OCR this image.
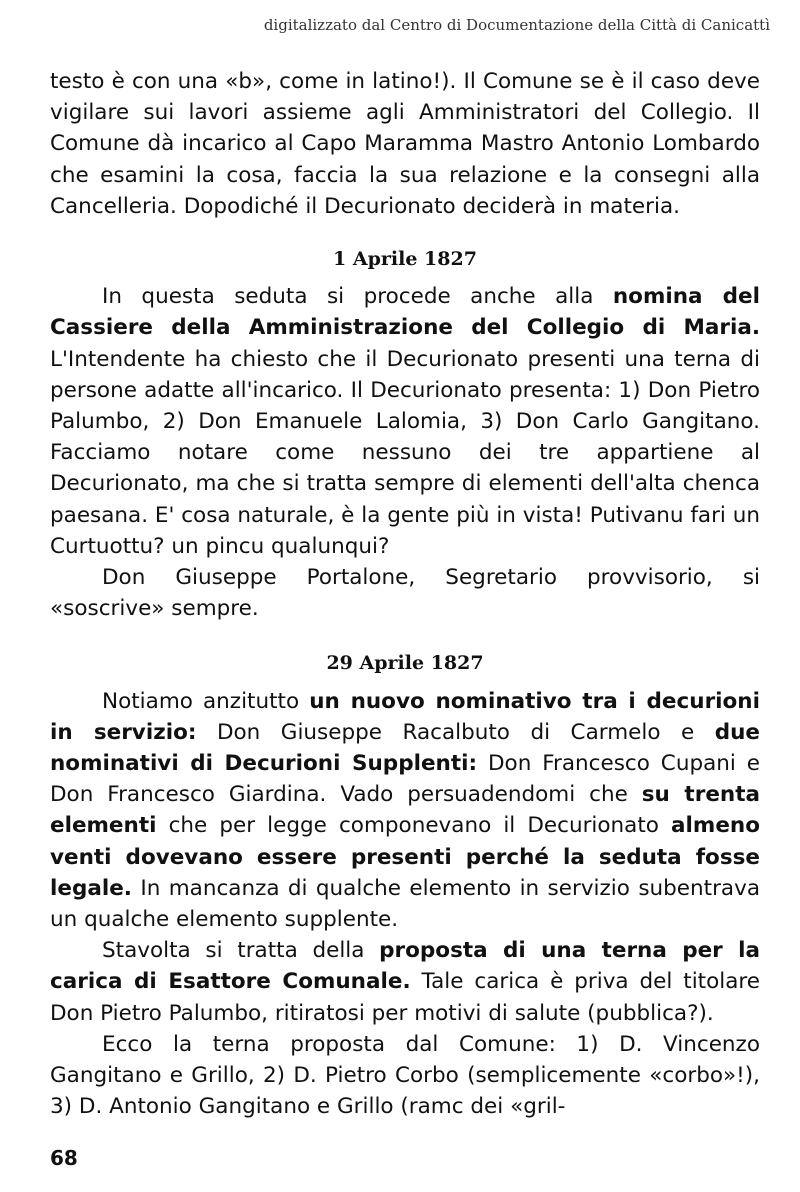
digitalizzato dal Centro di Documentazione della Città di Canicattì

testo è con una «b», come in latino!). Il Comune se è il caso deve vigilare sui lavori assieme agli Amministratori del Collegio. Il Comune dà incarico al Capo Maramma Mastro Antonio Lombardo che esamini la cosa, faccia la sua relazione e la consegni alla Cancelleria. Dopodiché il Decurionato deciderà in materia.

1 Aprile 1827

In questa seduta si procede anche alla nomina del Cassiere della Amministrazione del Collegio di Maria. L'Intendente ha chiesto che il Decurionato presenti una terna di persone adatte all'incarico. Il Decurionato presenta: 1) Don Pietro Palumbo, 2) Don Emanuele Lalomia, 3) Don Carlo Gangitano. Facciamo notare come nessuno dei tre appartiene al Decurionato, ma che si tratta sempre di elementi dell'alta chenca paesana. E' cosa naturale, è la gente più in vista! Putivanu fari un Curtuottu? un pincu qualunqui?

Don Giuseppe Portalone, Segretario provvisorio, si «soscrive» sempre.

29 Aprile 1827

Notiamo anzitutto un nuovo nominativo tra i decurioni in servizio: Don Giuseppe Racalbuto di Carmelo e due nominativi di Decurioni Supplenti: Don Francesco Cupani e Don Francesco Giardina. Vado persuadendomi che su trenta elementi che per legge componevano il Decurionato almeno venti dovevano essere presenti perché la seduta fosse legale. In mancanza di qualche elemento in servizio subentrava un qualche elemento supplente.

Stavolta si tratta della proposta di una terna per la carica di Esattore Comunale. Tale carica è priva del titolare Don Pietro Palumbo, ritiratosi per motivi di salute (pubblica?).

Ecco la terna proposta dal Comune: 1) D. Vincenzo Gangitano e Grillo, 2) D. Pietro Corbo (semplicemente «corbo»!), 3) D. Antonio Gangitano e Grillo (ramc dei «gril-

68
